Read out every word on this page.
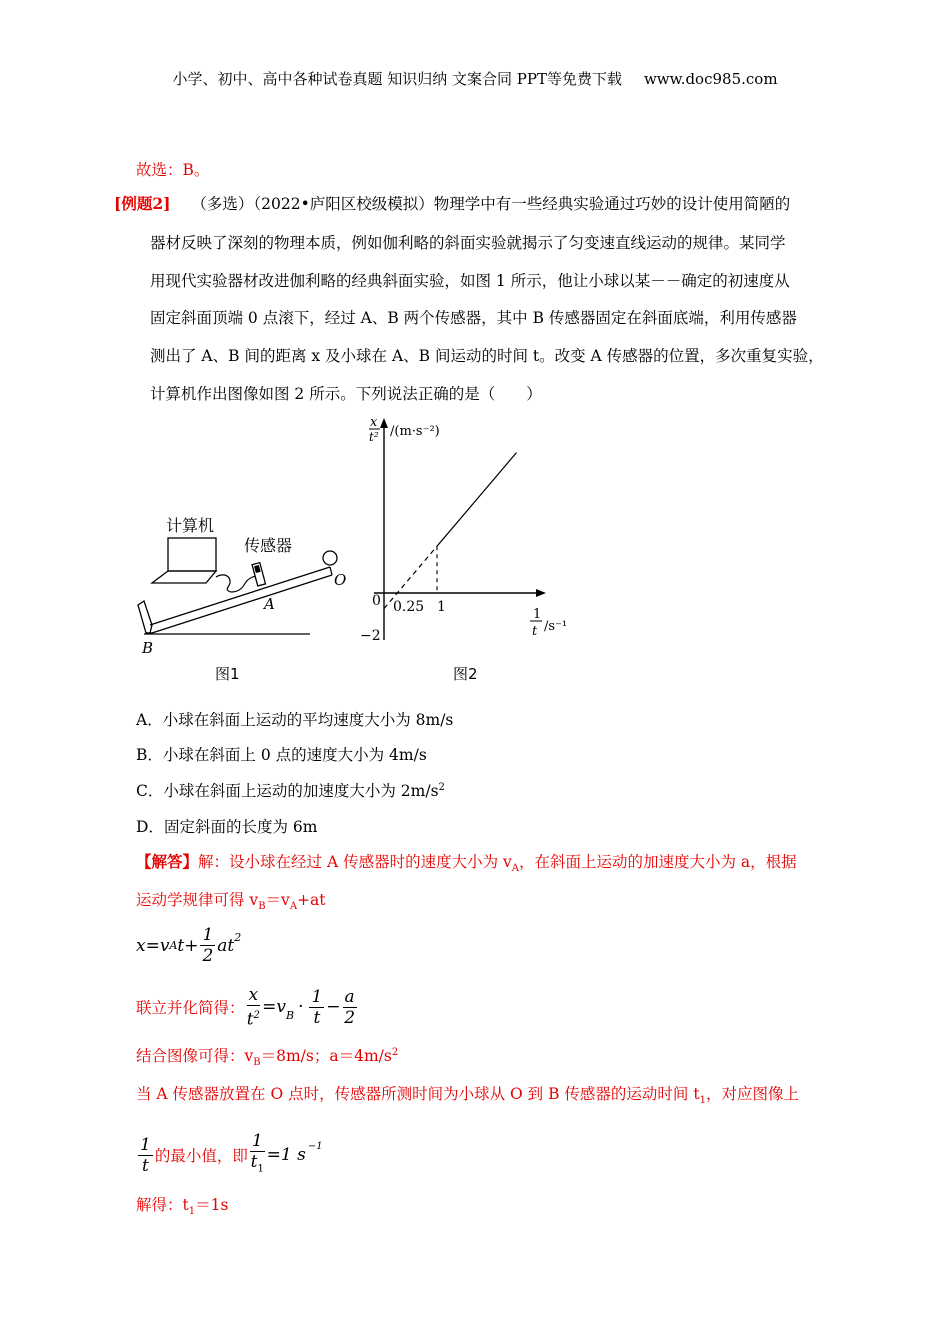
小学、初中、高中各种试卷真题 知识归纳 文案合同 PPT等免费下载 www.doc985.com
故选：B。
[例题2] （多选）（2022•庐阳区校级模拟）物理学中有一些经典实验通过巧妙的设计使用简陋的
器材反映了深刻的物理本质，例如伽利略的斜面实验就揭示了匀变速直线运动的规律。某同学
用现代实验器材改进伽利略的经典斜面实验，如图 1 所示，他让小球以某－－确定的初速度从
固定斜面顶端 0 点滚下，经过 A、B 两个传感器，其中 B 传感器固定在斜面底端，利用传感器
测出了 A、B 间的距离 x 及小球在 A、B 间运动的时间 t。改变 A 传感器的位置，多次重复实验，
计算机作出图像如图 2 所示。下列说法正确的是（　　）
计算机
传感器
A
B
O
图1
x
t² /(m·s⁻²)
0 0.25 1
−2
1
t /s⁻¹
图2
A．小球在斜面上运动的平均速度大小为 8m/s
B．小球在斜面上 0 点的速度大小为 4m/s
C．小球在斜面上运动的加速度大小为 $2m/s^2$
D．固定斜面的长度为 6m
【解答】解：设小球在经过 A 传感器时的速度大小为 $v_A$，在斜面上运动的加速度大小为 a，根据
运动学规律可得 $v_B=v_A+at$
x=v A $t+ \frac{1}{2} at^2$
联立并化简得： $\frac{x}{t^2} =v_B \cdot \frac{1}{t} - \frac{a}{2}$
结合图像可得：$v_B=8m/s$；$a=4m/s^2$
当 A 传感器放置在 O 点时，传感器所测时间为小球从 O 到 B 传感器的运动时间 $t_1$，对应图像上
$\frac{1}{t}$ 的最小值，即 $\frac{1}{t_1} =1$ $s^{-1}$
解得：$t_1=1s$
